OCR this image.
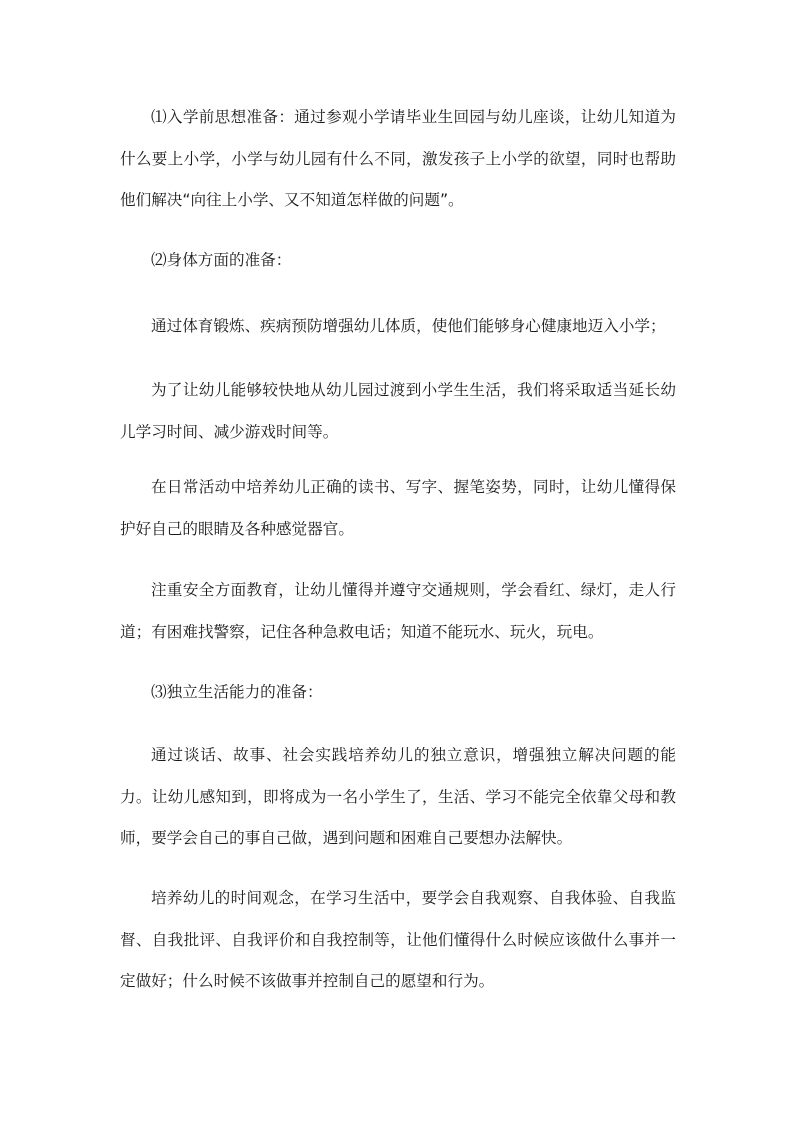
⑴入学前思想准备：通过参观小学请毕业生回园与幼儿座谈，让幼儿知道为什么要上小学，小学与幼儿园有什么不同，激发孩子上小学的欲望，同时也帮助他们解决“向往上小学、又不知道怎样做的问题”。

⑵身体方面的准备：

通过体育锻炼、疾病预防增强幼儿体质，使他们能够身心健康地迈入小学；

为了让幼儿能够较快地从幼儿园过渡到小学生生活，我们将采取适当延长幼儿学习时间、减少游戏时间等。

在日常活动中培养幼儿正确的读书、写字、握笔姿势，同时，让幼儿懂得保护好自己的眼睛及各种感觉器官。

注重安全方面教育，让幼儿懂得并遵守交通规则，学会看红、绿灯，走人行道；有困难找警察，记住各种急救电话；知道不能玩水、玩火，玩电。

⑶独立生活能力的准备：

通过谈话、故事、社会实践培养幼儿的独立意识，增强独立解决问题的能力。让幼儿感知到，即将成为一名小学生了，生活、学习不能完全依靠父母和教师，要学会自己的事自己做，遇到问题和困难自己要想办法解快。

培养幼儿的时间观念，在学习生活中，要学会自我观察、自我体验、自我监督、自我批评、自我评价和自我控制等，让他们懂得什么时候应该做什么事并一定做好；什么时候不该做事并控制自己的愿望和行为。
